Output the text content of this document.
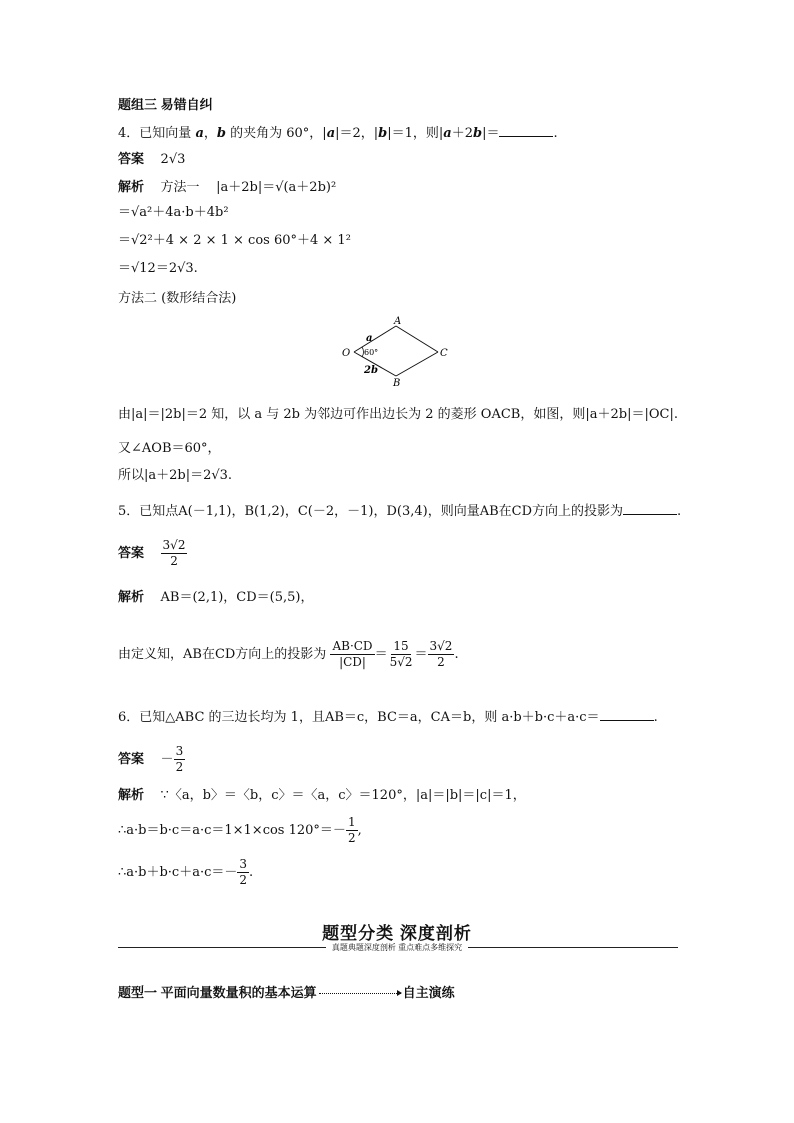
题组三 易错自纠
4．已知向量 a，b 的夹角为 60°，|a|＝2，|b|＝1，则|a＋2b|＝	.
答案 2√3
解析 方法一 |a＋2b|＝√(a＋2b)²
＝√a²＋4a·b＋4b²
＝√2²＋4 × 2 × 1 × cos 60°＋4 × 1²
＝√12＝2√3.
方法二 (数形结合法)
O
A
C
B
a
2b
60°
由|a|＝|2b|＝2 知，以 a 与 2b 为邻边可作出边长为 2 的菱形 OACB，如图，则|a＋2b|＝|OC|.
又∠AOB＝60°，
所以|a＋2b|＝2√3.
5．已知点A(－1,1)，B(1,2)，C(－2，－1)，D(3,4)，则向量AB在CD方向上的投影为	.
答案 $\frac{3√2}{2}$
解析 AB＝(2,1)，CD＝(5,5)，
由定义知，AB在CD方向上的投影为 $\frac{AB\cdot CD}{|CD|} = \frac{15}{5√2} = \frac{3√2}{2}$ .
6．已知△ABC 的三边长均为 1，且AB＝c，BC＝a，CA＝b，则 a·b＋b·c＋a·c＝	.
答案 － $\frac{3}{2}$
解析 ∵〈a，b〉＝〈b，c〉＝〈a，c〉＝120°，|a|＝|b|＝|c|＝1，
∴a·b＝b·c＝a·c＝1×1×cos $120^\circ=- \frac{1}{2}$ ,
∴a·b＋b·c＋a·c＝－ $\frac{3}{2}$ .
题型分类 深度剖析
真题典题深度剖析 重点难点多维探究
题型一 平面向量数量积的基本运算	自主演练
